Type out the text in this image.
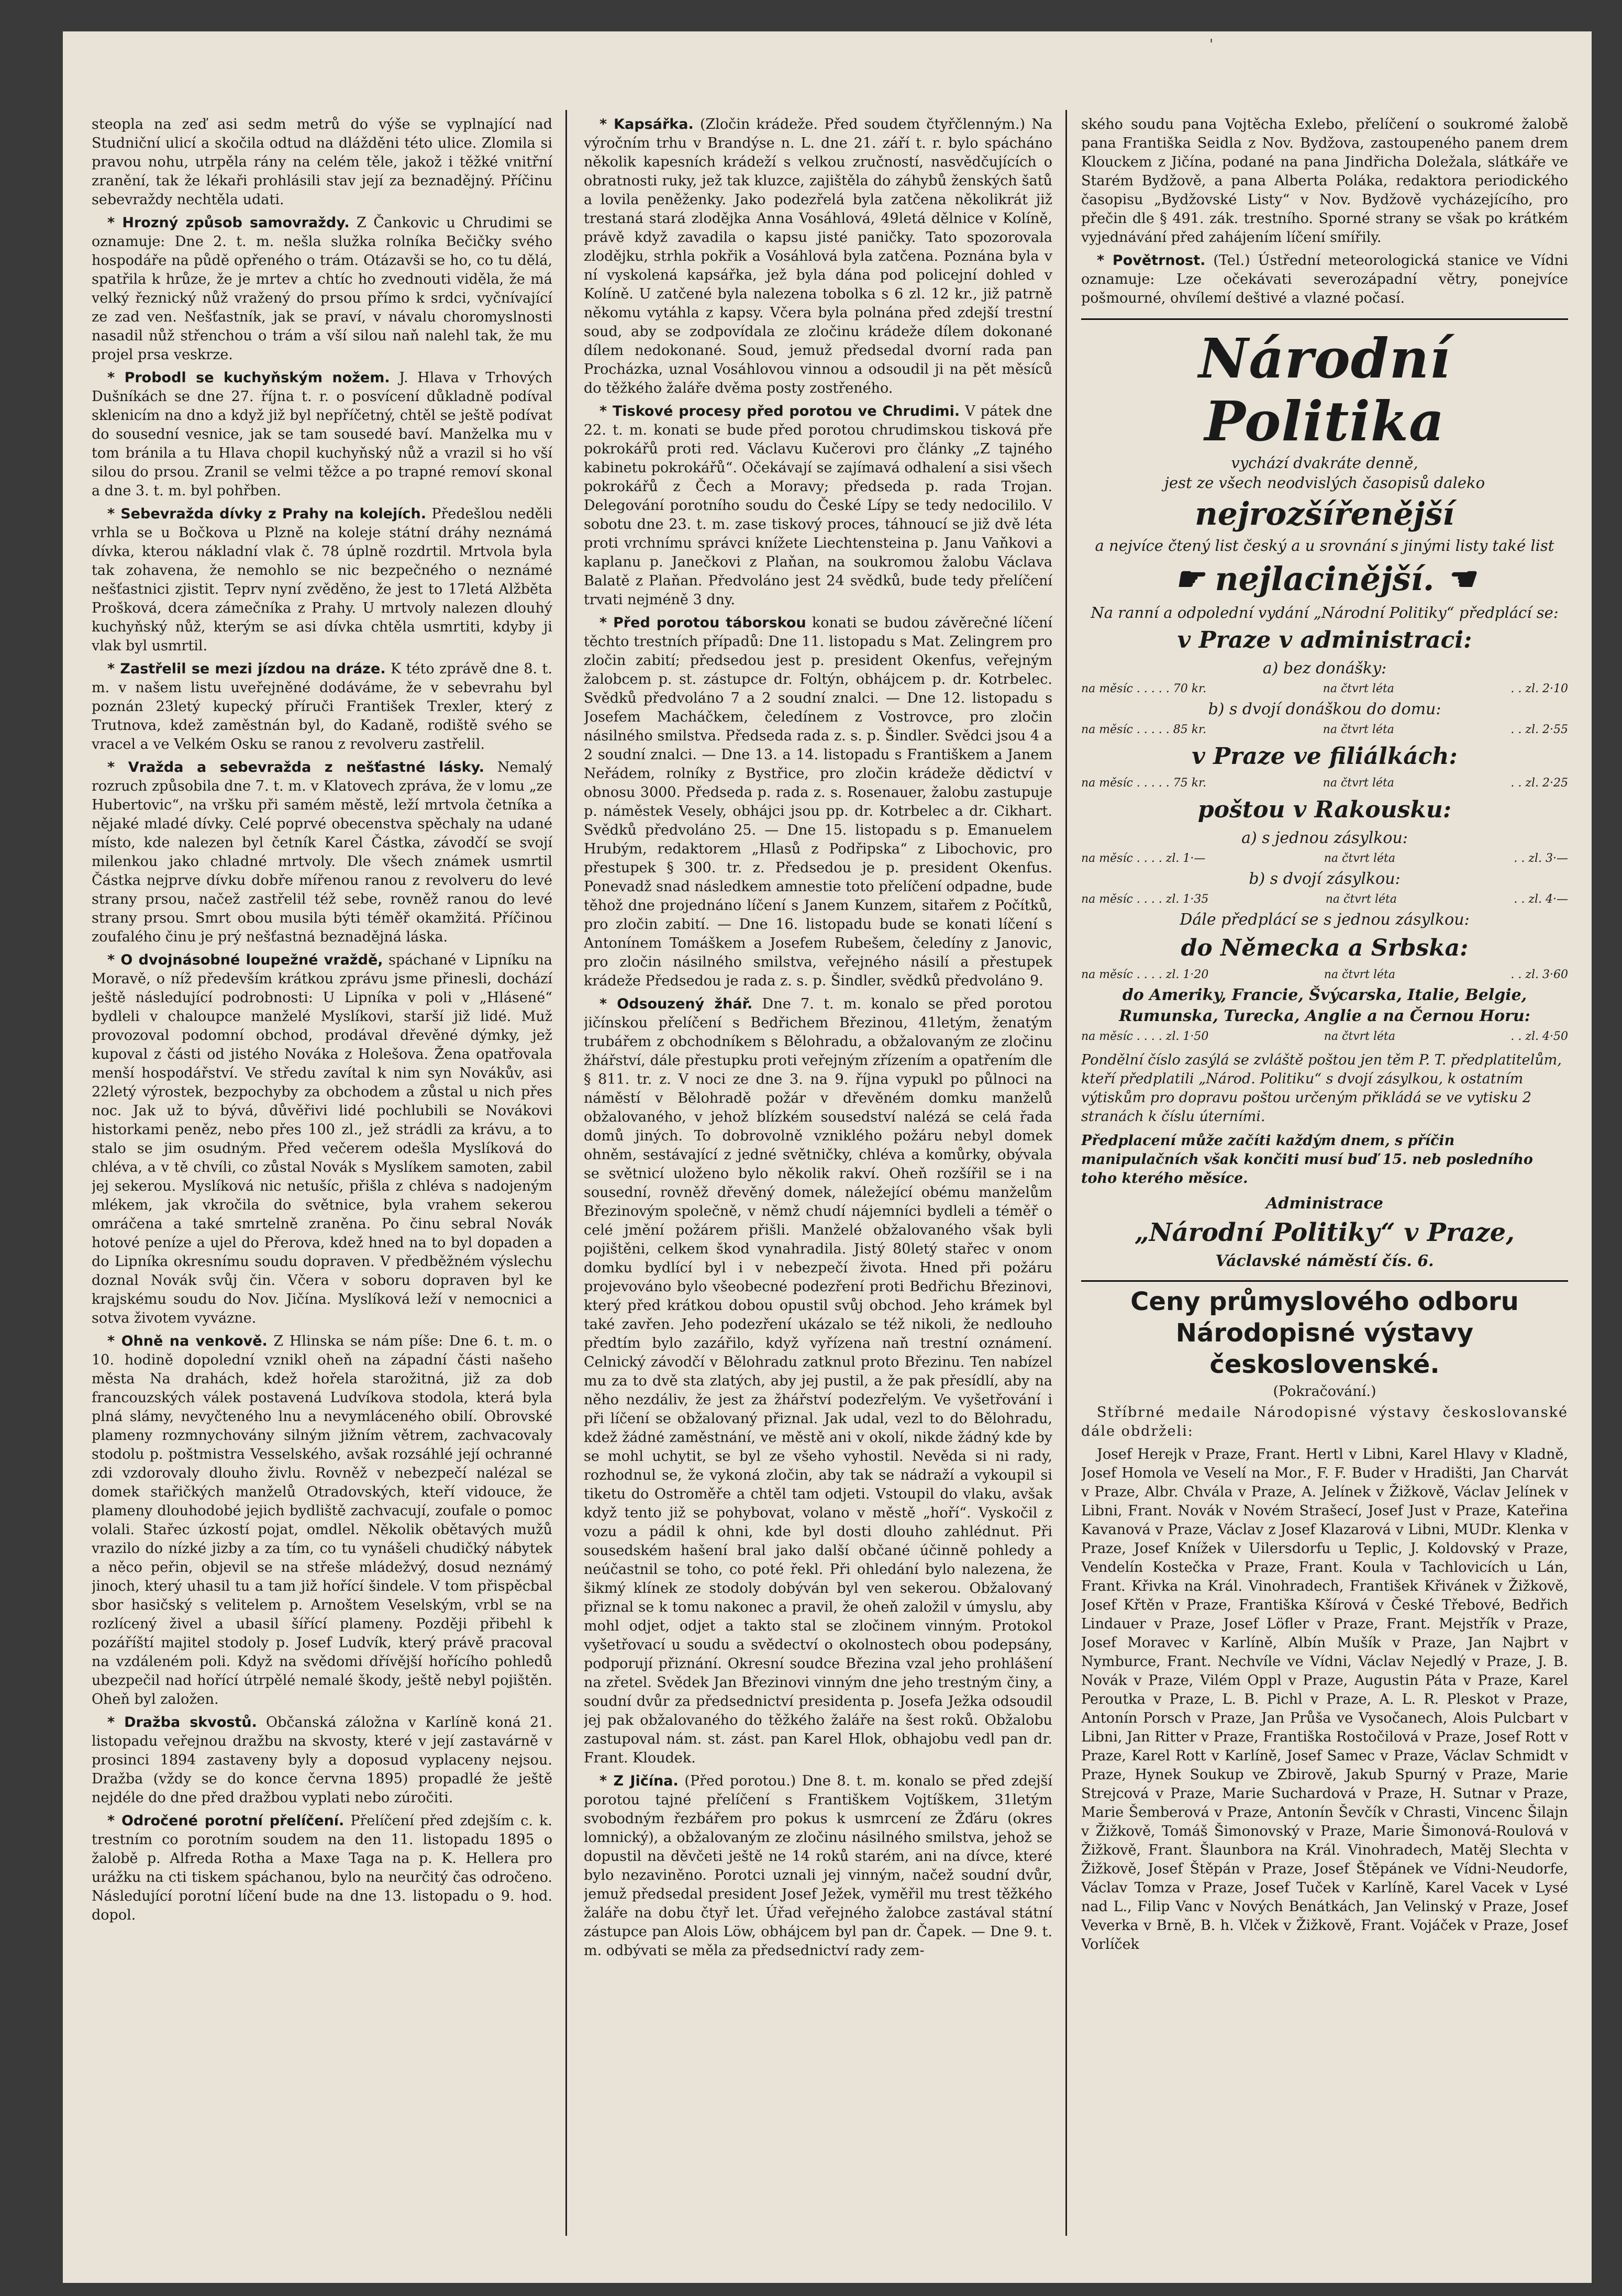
'

steopla na zeď asi sedm metrů do výše se vyplnající nad Studniční ulicí a skočila odtud na dlážděni této ulice. Zlomila si pravou nohu, utrpěla rány na celém těle, jakož i těžké vnitřní zranění, tak že lékaři prohlásili stav její za beznadějný. Příčinu sebevraždy nechtěla udati.

* Hrozný způsob samovraždy. Z Čankovic u Chrudimi se oznamuje: Dne 2. t. m. nešla služka rolníka Bečičky svého hospodáře na půdě opřeného o trám. Otázavši se ho, co tu dělá, spatřila k hrůze, že je mrtev a chtíc ho zvednouti viděla, že má velký řeznický nůž vražený do prsou přímo k srdci, vyčnívající ze zad ven. Nešťastník, jak se praví, v návalu choromyslnosti nasadil nůž střenchou o trám a vší silou naň nalehl tak, že mu projel prsa veskrze.

* Probodl se kuchyňským nožem. J. Hlava v Trhových Dušníkách se dne 27. října t. r. o posvícení důkladně podíval sklenicím na dno a když již byl nepříčetný, chtěl se ještě podívat do sousední vesnice, jak se tam sousedé baví. Manželka mu v tom bránila a tu Hlava chopil kuchyňský nůž a vrazil si ho vší silou do prsou. Zranil se velmi těžce a po trapné removí skonal a dne 3. t. m. byl pohřben.

* Sebevražda dívky z Prahy na kolejích. Předešlou neděli vrhla se u Bočkova u Plzně na koleje státní dráhy neznámá dívka, kterou nákladní vlak č. 78 úplně rozdrtil. Mrtvola byla tak zohavena, že nemohlo se nic bezpečného o neznámé nešťastnici zjistit. Teprv nyní zvěděno, že jest to 17letá Alžběta Prošková, dcera zámečníka z Prahy. U mrtvoly nalezen dlouhý kuchyňský nůž, kterým se asi dívka chtěla usmrtiti, kdyby ji vlak byl usmrtil.

* Zastřelil se mezi jízdou na dráze. K této zprávě dne 8. t. m. v našem listu uveřejněné dodáváme, že v sebevrahu byl poznán 23letý kupecký příruči František Trexler, který z Trutnova, kdež zaměstnán byl, do Kadaně, rodiště svého se vracel a ve Velkém Osku se ranou z revolveru zastřelil.

* Vražda a sebevražda z nešťastné lásky. Nemalý rozruch způsobila dne 7. t. m. v Klatovech zpráva, že v lomu „ze Hubertovic“, na vršku při samém městě, leží mrtvola četníka a nějaké mladé dívky. Celé poprvé obecenstva spěchaly na udané místo, kde nalezen byl četník Karel Částka, závodčí se svojí milenkou jako chladné mrtvoly. Dle všech známek usmrtil Částka nejprve dívku dobře mířenou ranou z revolveru do levé strany prsou, načež zastřelil též sebe, rovněž ranou do levé strany prsou. Smrt obou musila býti téměř okamžitá. Příčinou zoufalého činu je prý nešťastná beznadějná láska.

* O dvojnásobné loupežné vraždě, spáchané v Lipníku na Moravě, o níž především krátkou zprávu jsme přinesli, dochází ještě následující podrobnosti: U Lipníka v poli v „Hlásené“ bydleli v chaloupce manželé Myslíkovi, starší již lidé. Muž provozoval podomní obchod, prodával dřevěné dýmky, jež kupoval z části od jistého Nováka z Holešova. Žena opatřovala menší hospodářství. Ve středu zavítal k nim syn Novákův, asi 22letý výrostek, bezpochyby za obchodem a zůstal u nich přes noc. Jak už to bývá, důvěřivi lidé pochlubili se Novákovi historkami peněz, nebo přes 100 zl., jež strádli za krávu, a to stalo se jim osudným. Před večerem odešla Myslíková do chléva, a v tě chvíli, co zůstal Novák s Myslíkem samoten, zabil jej sekerou. Myslíková nic netušíc, přišla z chléva s nadojeným mlékem, jak vkročila do světnice, byla vrahem sekerou omráčena a také smrtelně zraněna. Po činu sebral Novák hotové peníze a ujel do Přerova, kdež hned na to byl dopaden a do Lipníka okresnímu soudu dopraven. V předběžném výslechu doznal Novák svůj čin. Včera v soboru dopraven byl ke krajskému soudu do Nov. Jičína. Myslíková leží v nemocnici a sotva životem vyvázne.

* Ohně na venkově. Z Hlinska se nám píše: Dne 6. t. m. o 10. hodině dopolední vznikl oheň na západní části našeho města Na drahách, kdež hořela starožitná, již za dob francouzských válek postavená Ludvíkova stodola, která byla plná slámy, nevyčteného lnu a nevymláceného obilí. Obrovské plameny rozmnychovány silným jižním větrem, zachvacovaly stodolu p. poštmistra Vesselského, avšak rozsáhlé její ochranné zdi vzdorovaly dlouho živlu. Rovněž v nebezpečí nalézal se domek stařičkých manželů Otradovských, kteří vidouce, že plameny dlouhodobé jejich bydliště zachvacují, zoufale o pomoc volali. Stařec úzkostí pojat, omdlel. Několik obětavých mužů vrazilo do nízké jizby a za tím, co tu vynášeli chudičký nábytek a něco peřin, objevil se na střeše mládežvý, dosud neznámý jinoch, který uhasil tu a tam již hořící šindele. V tom přispěcbal sbor hasičský s velitelem p. Arnoštem Veselským, vrbl se na rozlícený živel a ubasil šířící plameny. Později přibehl k pozáříští majitel stodoly p. Josef Ludvík, který právě pracoval na vzdáleném poli. Když na svědomi dřívější hořícího pohledů ubezpečil nad hořící útrpělé nemalé škody, ještě nebyl pojištěn. Oheň byl založen.

* Dražba skvostů. Občanská záložna v Karlíně koná 21. listopadu veřejnou dražbu na skvosty, které v její zastavárně v prosinci 1894 zastaveny byly a doposud vyplaceny nejsou. Dražba (vždy se do konce června 1895) propadlé že ještě nejdéle do dne před dražbou vyplati nebo zúročiti.

* Odročené porotní přelíčení. Přelíčení před zdejším c. k. trestním co porotním soudem na den 11. listopadu 1895 o žalobě p. Alfreda Rotha a Maxe Taga na p. K. Hellera pro urážku na cti tiskem spáchanou, bylo na neurčitý čas odročeno. Následující porotní líčení bude na dne 13. listopadu o 9. hod. dopol.

* Kapsářka. (Zločin krádeže. Před soudem čtyřčlenným.) Na výročním trhu v Brandýse n. L. dne 21. září t. r. bylo spácháno několik kapesních krádeží s velkou zručností, nasvědčujících o obratnosti ruky, jež tak kluzce, zajištěla do záhybů ženských šatů a lovila peněženky. Jako podezřelá byla zatčena několikrát již trestaná stará zlodějka Anna Vosáhlová, 49letá dělnice v Kolíně, právě když zavadila o kapsu jisté paničky. Tato spozorovala zlodějku, strhla pokřik a Vosáhlová byla zatčena. Poznána byla v ní vyskolená kapsářka, jež byla dána pod policejní dohled v Kolíně. U zatčené byla nalezena tobolka s 6 zl. 12 kr., již patrně někomu vytáhla z kapsy. Včera byla polnána před zdejší trestní soud, aby se zodpovídala ze zločinu krádeže dílem dokonané dílem nedokonané. Soud, jemuž předsedal dvorní rada pan Procházka, uznal Vosáhlovou vinnou a odsoudil ji na pět měsíců do těžkého žaláře dvěma posty zostřeného.

* Tiskové procesy před porotou ve Chrudimi. V pátek dne 22. t. m. konati se bude před porotou chrudimskou tisková pře pokrokářů proti red. Václavu Kučerovi pro články „Z tajného kabinetu pokrokářů“. Očekávají se zajímavá odhalení a sisi všech pokrokářů z Čech a Moravy; předseda p. rada Trojan. Delegování porotního soudu do České Lípy se tedy nedocililo. V sobotu dne 23. t. m. zase tiskový proces, táhnoucí se již dvě léta proti vrchnímu správci knížete Liechtensteina p. Janu Vaňkovi a kaplanu p. Janečkovi z Plaňan, na soukromou žalobu Václava Balatě z Plaňan. Předvoláno jest 24 svědků, bude tedy přelíčení trvati nejméně 3 dny.

* Před porotou táborskou konati se budou závěrečné líčení těchto trestních případů: Dne 11. listopadu s Mat. Zelingrem pro zločin zabití; předsedou jest p. president Okenfus, veřejným žalobcem p. st. zástupce dr. Foltýn, obhájcem p. dr. Kotrbelec. Svědků předvoláno 7 a 2 soudní znalci. — Dne 12. listopadu s Josefem Macháčkem, čeledínem z Vostrovce, pro zločin násilného smilstva. Předseda rada z. s. p. Šindler. Svědci jsou 4 a 2 soudní znalci. — Dne 13. a 14. listopadu s Františkem a Janem Neřádem, rolníky z Bystřice, pro zločin krádeže dědictví v obnosu 3000. Předseda p. rada z. s. Rosenauer, žalobu zastupuje p. náměstek Vesely, obhájci jsou pp. dr. Kotrbelec a dr. Cikhart. Svědků předvoláno 25. — Dne 15. listopadu s p. Emanuelem Hrubým, redaktorem „Hlasů z Podřipska“ z Libochovic, pro přestupek § 300. tr. z. Předsedou je p. president Okenfus. Ponevadž snad následkem amnestie toto přelíčení odpadne, bude těhož dne projednáno líčení s Janem Kunzem, sitařem z Počítků, pro zločin zabití. — Dne 16. listopadu bude se konati líčení s Antonínem Tomáškem a Josefem Rubešem, čeledíny z Janovic, pro zločin násilného smilstva, veřejného násilí a přestupek krádeže Předsedou je rada z. s. p. Šindler, svědků předvoláno 9.

* Odsouzený žhář. Dne 7. t. m. konalo se před porotou jičínskou přelíčení s Bedřichem Březinou, 41letým, ženatým trubářem z obchodníkem s Bělohradu, a obžalovaným ze zločinu žhářství, dále přestupku proti veřejným zřízením a opatřením dle § 811. tr. z. V noci ze dne 3. na 9. října vypukl po půlnoci na náměstí v Bělohradě požár v dřevěném domku manželů obžalovaného, v jehož blízkém sousedství nalézá se celá řada domů jiných. To dobrovolně vzniklého požáru nebyl domek ohněm, sestávající z jedné světničky, chléva a komůrky, obývala se světnicí uloženo bylo několik rakví. Oheň rozšířil se i na sousední, rovněž dřevěný domek, náležející obému manželům Březinovým společně, v němž chudí nájemníci bydleli a téměř o celé jmění požárem přišli. Manželé obžalovaného však byli pojištěni, celkem škod vynahradila. Jistý 80letý stařec v onom domku bydlící byl i v nebezpečí života. Hned při požáru projevováno bylo všeobecné podezření proti Bedřichu Březinovi, který před krátkou dobou opustil svůj obchod. Jeho krámek byl také zavřen. Jeho podezření ukázalo se též nikoli, že nedlouho předtím bylo zazářilo, když vyřízena naň trestní oznámení. Celnický závodčí v Bělohradu zatknul proto Březinu. Ten nabízel mu za to dvě sta zlatých, aby jej pustil, a že pak přesídlí, aby na něho nezdáliv, že jest za žhářství podezřelým. Ve vyšetřování i při líčení se obžalovaný přiznal. Jak udal, vezl to do Bělohradu, kdež žádné zaměstnání, ve městě ani v okolí, nikde žádný kde by se mohl uchytit, se byl ze všeho vyhostil. Nevěda si ni rady, rozhodnul se, že vykoná zločin, aby tak se nádraží a vykoupil si tiketu do Ostroměře a chtěl tam odjeti. Vstoupil do vlaku, avšak když tento již se pohybovat, volano v městě „hoří“. Vyskočil z vozu a pádil k ohni, kde byl dosti dlouho zahlédnut. Při sousedském hašení bral jako další občané účinně pohledy a neúčastnil se toho, co poté řekl. Při ohledání bylo nalezena, že šikmý klínek ze stodoly dobýván byl ven sekerou. Obžalovaný přiznal se k tomu nakonec a pravil, že oheň založil v úmyslu, aby mohl odjet, odjet a takto stal se zločinem vinným. Protokol vyšetřovací u soudu a svědectví o okolnostech obou podepsány, podporují přiznání. Okresní soudce Březina vzal jeho prohlášení na zřetel. Svědek Jan Březinovi vinným dne jeho trestným činy, a soudní dvůr za předsednictví presidenta p. Josefa Ježka odsoudil jej pak obžalovaného do těžkého žaláře na šest roků. Obžalobu zastupoval nám. st. zást. pan Karel Hlok, obhajobu vedl pan dr. Frant. Kloudek.

* Z Jičína. (Před porotou.) Dne 8. t. m. konalo se před zdejší porotou tajné přelíčení s Františkem Vojtíškem, 31letým svobodným řezbářem pro pokus k usmrcení ze Žďáru (okres lomnický), a obžalovaným ze zločinu násilného smilstva, jehož se dopustil na děvčeti ještě ne 14 roků starém, ani na dívce, které bylo nezaviněno. Porotci uznali jej vinným, načež soudní dvůr, jemuž předsedal president Josef Ježek, vyměřil mu trest těžkého žaláře na dobu čtyř let. Úřad veřejného žalobce zastával státní zástupce pan Alois Löw, obhájcem byl pan dr. Čapek. — Dne 9. t. m. odbývati se měla za předsednictví rady zem-

ského soudu pana Vojtěcha Exlebo, přelíčení o soukromé žalobě pana Františka Seidla z Nov. Bydžova, zastoupeného panem drem Klouckem z Jičína, podané na pana Jindřicha Doležala, slátkáře ve Starém Bydžově, a pana Alberta Poláka, redaktora periodického časopisu „Bydžovské Listy“ v Nov. Bydžově vycházejícího, pro přečin dle § 491. zák. trestního. Sporné strany se však po krátkém vyjednávání před zahájením líčení smířily.

* Povětrnost. (Tel.) Ústřední meteorologická stanice ve Vídni oznamuje: Lze očekávati severozápadní větry, ponejvíce pošmourné, ohvílemí deštivé a vlazné počasí.

Národní Politika

vychází dvakráte denně,

jest ze všech neodvislých časopisů daleko

nejrozšířenější

a nejvíce čtený list český a u srovnání s jinými listy také list

☛ nejlacinější. ☚

Na ranní a odpolední vydání „Národní Politiky“ předplácí se:

v Praze v administraci:

a) bez donášky:

na měsíc . . . . . 70 kr.	na čtvrt léta	. . zl. 2·10

b) s dvojí donáškou do domu:

na měsíc . . . . . 85 kr.	na čtvrt léta	. . zl. 2·55

v Praze ve filiálkách:

na měsíc . . . . . 75 kr.	na čtvrt léta	. . zl. 2·25

poštou v Rakousku:

a) s jednou zásylkou:

na měsíc . . . . zl. 1·—	na čtvrt léta	. . zl. 3·—

b) s dvojí zásylkou:

na měsíc . . . . zl. 1·35	na čtvrt léta	. . zl. 4·—

Dále předplácí se s jednou zásylkou:

do Německa a Srbska:

na měsíc . . . . zl. 1·20	na čtvrt léta	. . zl. 3·60

do Ameriky, Francie, Švýcarska, Italie, Belgie, Rumunska, Turecka, Anglie a na Černou Horu:

na měsíc . . . . zl. 1·50	na čtvrt léta	. . zl. 4·50

Pondělní číslo zasýlá se zvláště poštou jen těm P. T. předplatitelům, kteří předplatili „Národ. Politiku“ s dvojí zásylkou, k ostatním výtiskům pro dopravu poštou určeným přikládá se ve vytisku 2 stranách k číslu úterními.

Předplacení může začíti každým dnem, s příčin manipulačních však končiti musí buď 15. neb posledního toho kterého měsíce.

Administrace

„Národní Politiky“ v Praze,

Václavské náměstí čís. 6.

Ceny průmyslového odboru Národopisné výstavy československé.

(Pokračování.)

Stříbrné medaile Národopisné výstavy českoslovanské dále obdrželi:

Josef Herejk v Praze, Frant. Hertl v Libni, Karel Hlavy v Kladně, Josef Homola ve Veselí na Mor., F. F. Buder v Hradišti, Jan Charvát v Praze, Albr. Chvála v Praze, A. Jelínek v Žižkově, Václav Jelínek v Libni, Frant. Novák v Novém Strašecí, Josef Just v Praze, Kateřina Kavanová v Praze, Václav z Josef Klazarová v Libni, MUDr. Klenka v Praze, Josef Knížek v Uilersdorfu u Teplic, J. Koldovský v Praze, Vendelín Kostečka v Praze, Frant. Koula v Tachlovicích u Lán, Frant. Křivka na Král. Vinohradech, František Křivánek v Žižkově, Josef Křtěn v Praze, Františka Kšírová v České Třebové, Bedřich Lindauer v Praze, Josef Löfler v Praze, Frant. Mejstřík v Praze, Josef Moravec v Karlíně, Albín Mušík v Praze, Jan Najbrt v Nymburce, Frant. Nechvíle ve Vídni, Václav Nejedlý v Praze, J. B. Novák v Praze, Vilém Oppl v Praze, Augustin Páta v Praze, Karel Peroutka v Praze, L. B. Pichl v Praze, A. L. R. Pleskot v Praze, Antonín Porsch v Praze, Jan Průša ve Vysočanech, Alois Pulcbart v Libni, Jan Ritter v Praze, Františka Rostočilová v Praze, Josef Rott v Praze, Karel Rott v Karlíně, Josef Samec v Praze, Václav Schmidt v Praze, Hynek Soukup ve Zbirově, Jakub Spurný v Praze, Marie Strejcová v Praze, Marie Suchardová v Praze, H. Sutnar v Praze, Marie Šemberová v Praze, Antonín Ševčík v Chrasti, Vincenc Šilajn v Žižkově, Tomáš Šimonovský v Praze, Marie Šimonová-Roulová v Žižkově, Frant. Šlaunbora na Král. Vinohradech, Matěj Slechta v Žižkově, Josef Štěpán v Praze, Josef Štěpánek ve Vídni-Neudorfe, Václav Tomza v Praze, Josef Tuček v Karlíně, Karel Vacek v Lysé nad L., Filip Vanc v Nových Benátkách, Jan Velinský v Praze, Josef Veverka v Brně, B. h. Vlček v Žižkově, Frant. Vojáček v Praze, Josef Vorlíček
